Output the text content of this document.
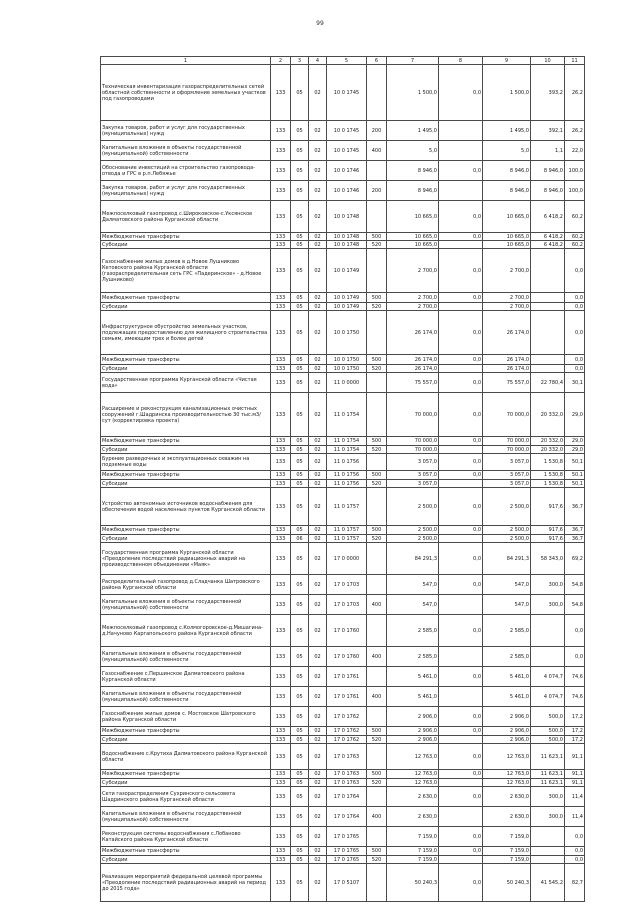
99
1	2	3	4	5	6	7	8	9	10	11
Техническая инвентаризация газораспределительных сетей областной собственности и оформление земельных участков под газопроводами	133	05	02	10 0 1745		1 500,0	0,0	1 500,0	393,2	26,2
Закупка товаров, работ и услуг для государственных (муниципальных) нужд	133	05	02	10 0 1745	200	1 495,0		1 495,0	392,1	26,2
Капитальные вложения в объекты государственной (муниципальной) собственности	133	05	02	10 0 1745	400	5,0		5,0	1,1	22,0
Обоснование инвестиций на строительство газопровода-отвода и ГРС в р.п.Лебяжье	133	05	02	10 0 1746		8 946,0	0,0	8 946,0	8 946,0	100,0
Закупка товаров, работ и услуг для государственных (муниципальных) нужд	133	05	02	10 0 1746	200	8 946,0		8 946,0	8 946,0	100,0
Межпоселковый газопровод с.Широковское-с.Уксянское Далматовского района Курганской области	133	05	02	10 0 1748		10 665,0	0,0	10 665,0	6 418,2	60,2
Межбюджетные трансферты	133	05	02	10 0 1748	500	10 665,0	0,0	10 665,0	6 418,2	60,2
Субсидии	133	05	02	10 0 1748	520	10 665,0		10 665,0	6 418,2	60,2
Газоснабжение жилых домов в д.Новое Лушниково Кетовского района Курганской области (газораспределительная сеть ГРС «Падеринское» - д.Новое Лушниково)	133	05	02	10 0 1749		2 700,0	0,0	2 700,0		0,0
Межбюджетные трансферты	133	05	02	10 0 1749	500	2 700,0	0,0	2 700,0		0,0
Субсидии	133	05	02	10 0 1749	520	2 700,0		2 700,0		0,0
Инфраструктурное обустройство земельных участков, подлежащих предоставлению для жилищного строительства семьям, имеющим трех и более детей	133	05	02	10 0 1750		26 174,0	0,0	26 174,0		0,0
Межбюджетные трансферты	133	05	02	10 0 1750	500	26 174,0	0,0	26 174,0		0,0
Субсидии	133	05	02	10 0 1750	520	26 174,0		26 174,0		0,0
Государственная программа Курганской области «Чистая вода»	133	05	02	11 0 0000		75 557,0	0,0	75 557,0	22 780,4	30,1
Расширение и реконструкция канализационных очистных сооружений г.Шадринска производительностью 30 тыс.м3/сут (корректировка проекта)	133	05	02	11 0 1754		70 000,0	0,0	70 000,0	20 332,0	29,0
Межбюджетные трансферты	133	05	02	11 0 1754	500	70 000,0	0,0	70 000,0	20 332,0	29,0
Субсидии	133	05	02	11 0 1754	520	70 000,0		70 000,0	20 332,0	29,0
Бурение разведочных и эксплуатационных скважин на подземные воды	133	05	02	11 0 1756		3 057,0	0,0	3 057,0	1 530,8	50,1
Межбюджетные трансферты	133	05	02	11 0 1756	500	3 057,0	0,0	3 057,0	1 530,8	50,1
Субсидии	133	05	02	11 0 1756	520	3 057,0		3 057,0	1 530,8	50,1
Устройство автономных источников водоснабжения для обеспечения водой населенных пунктов Курганской области	133	05	02	11 0 1757		2 500,0	0,0	2 500,0	917,6	36,7
Межбюджетные трансферты	133	05	02	11 0 1757	500	2 500,0	0,0	2 500,0	917,6	36,7
Субсидии	133	06	02	11 0 1757	520	2 500,0		2 500,0	917,6	36,7
Государственная программа Курганской области «Преодоление последствий радиационных аварий на производственном объединении «Маяк»	133	05	02	17 0 0000		84 291,3	0,0	84 291,3	58 343,0	69,2
Распределительный газопровод д.Сладчанка Шатровского района Курганской области	133	05	02	17 0 1703		547,0	0,0	547,0	300,0	54,8
Капитальные вложения в объекты государственной (муниципальной) собственности	133	05	02	17 0 1703	400	547,0		547,0	300,0	54,8
Межпоселковый газопровод с.Колмогоровское-д.Мишагина-д.Начуново Каргапольского района Курганской области	133	05	02	17 0 1760		2 585,0	0,0	2 585,0		0,0
Капитальные вложения в объекты государственной (муниципальной) собственности	133	05	02	17 0 1760	400	2 585,0		2 585,0		0,0
Газоснабжение с.Першинское Далматовского района Курганской области	133	05	02	17 0 1761		5 461,0	0,0	5 461,0	4 074,7	74,6
Капитальные вложения в объекты государственной (муниципальной) собственности	133	05	02	17 0 1761	400	5 461,0		5 461,0	4 074,7	74,6
Газоснабжение жилых домов с. Мостовское Шатровского района Курганской области	133	05	02	17 0 1762		2 906,0	0,0	2 906,0	500,0	17,2
Межбюджетные трансферты	133	05	02	17 0 1762	500	2 906,0	0,0	2 906,0	500,0	17,2
Субсидии	133	05	02	17 0 1762	520	2 906,0		2 906,0	500,0	17,2
Водоснабжение с.Крутиха Далматовского района Курганской области	133	05	02	17 0 1763		12 763,0	0,0	12 763,0	11 623,1	91,1
Межбюджетные трансферты	133	05	02	17 0 1763	500	12 763,0	0,0	12 763,0	11 623,1	91,1
Субсидии	133	05	02	17 0 1763	520	12 763,0		12 763,0	11 623,1	91,1
Сети газораспределения Сухринского сельсовета Шадринского района Курганской области	133	05	02	17 0 1764		2 630,0	0,0	2 630,0	300,0	11,4
Капитальные вложения в объекты государственной (муниципальной) собственности	133	05	02	17 0 1764	400	2 630,0		2 630,0	300,0	11,4
Реконструкция системы водоснабжения с.Лобаново Катайского района Курганской области	133	05	02	17 0 1765		7 159,0	0,0	7 159,0		0,0
Межбюджетные трансферты	133	05	02	17 0 1765	500	7 159,0	0,0	7 159,0		0,0
Субсидии	133	05	02	17 0 1765	520	7 159,0		7 159,0		0,0
Реализация мероприятий федеральной целевой программы «Преодоление последствий радиационных аварий на период до 2015 года»	133	05	02	17 0 5107		50 240,3	0,0	50 240,3	41 545,2	82,7
